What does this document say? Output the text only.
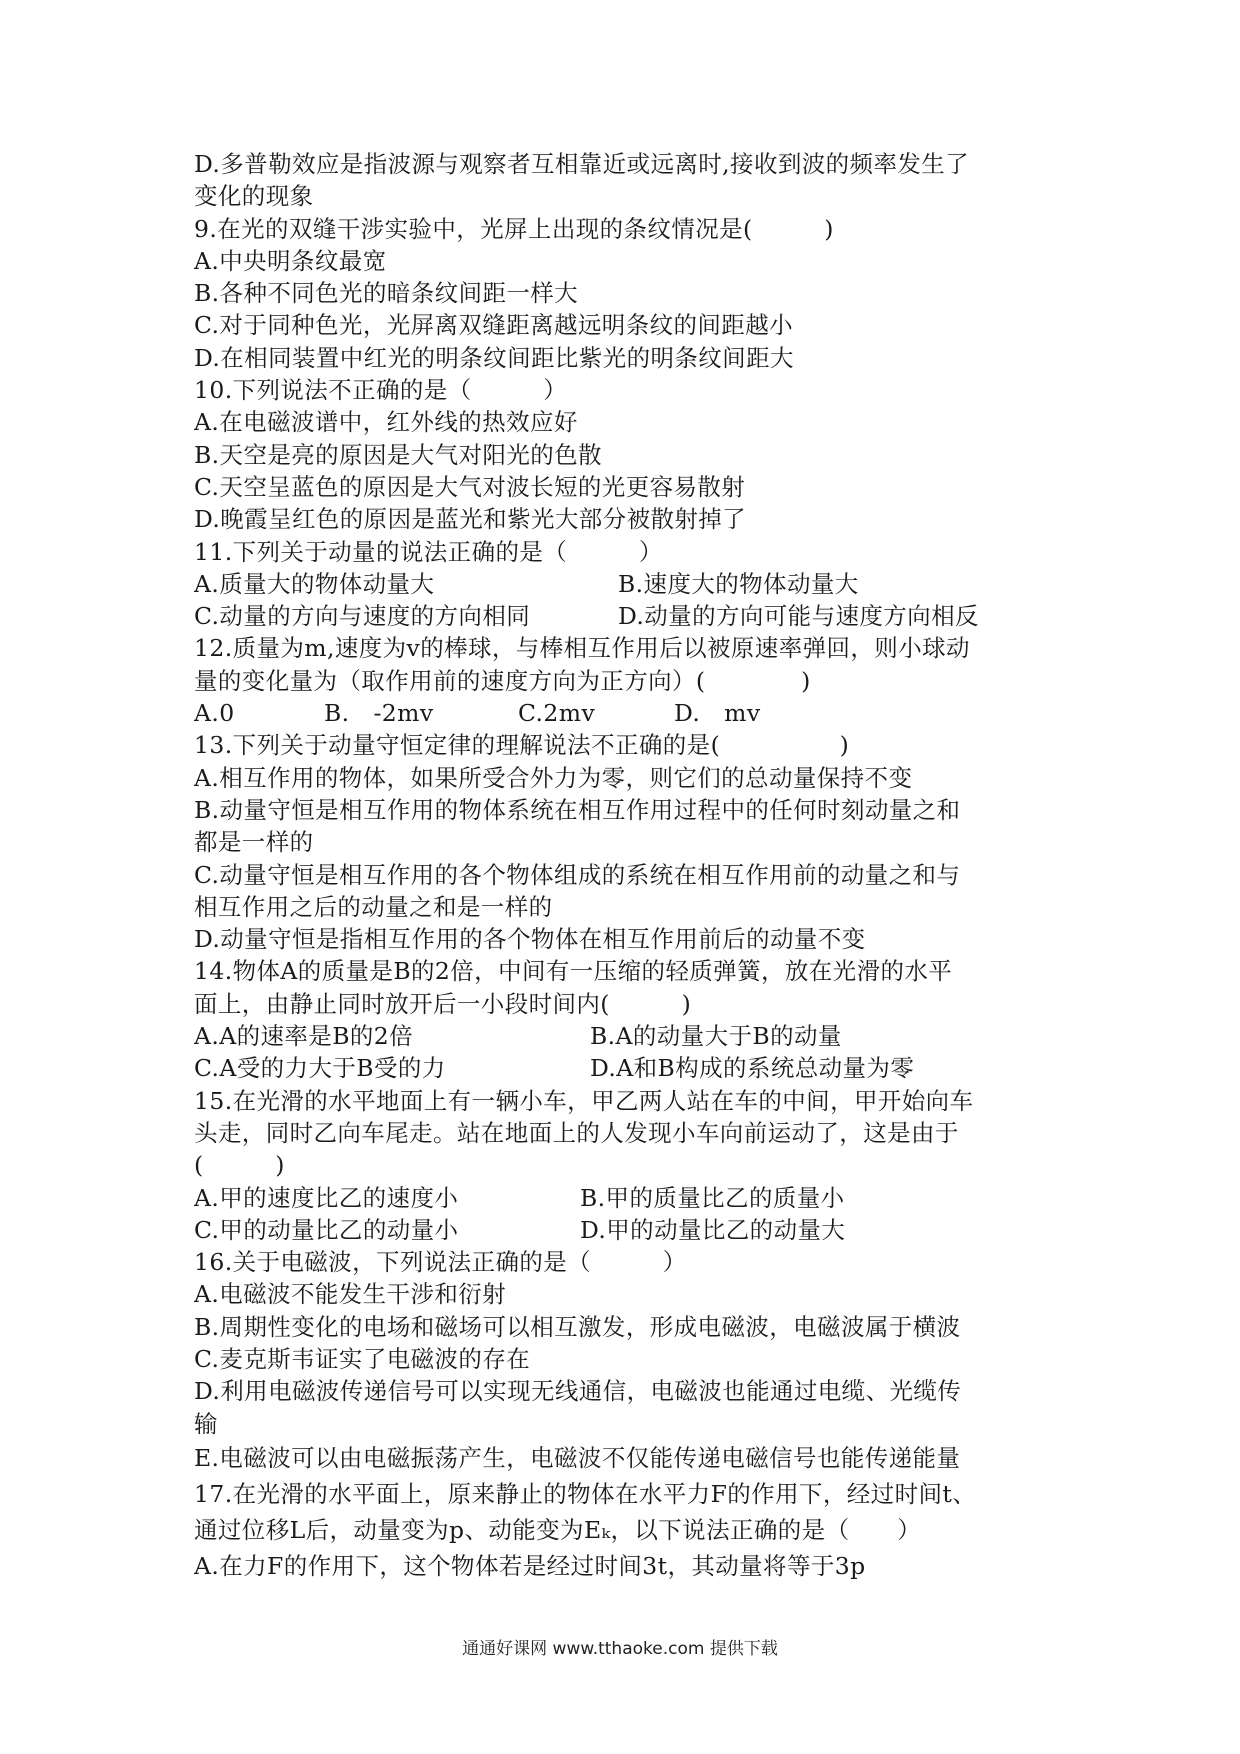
D.多普勒效应是指波源与观察者互相靠近或远离时,接收到波的频率发生了
变化的现象
9.在光的双缝干涉实验中，光屏上出现的条纹情况是(　　　)
A.中央明条纹最宽
B.各种不同色光的暗条纹间距一样大
C.对于同种色光，光屏离双缝距离越远明条纹的间距越小
D.在相同装置中红光的明条纹间距比紫光的明条纹间距大
10.下列说法不正确的是（　　　）
A.在电磁波谱中，红外线的热效应好
B.天空是亮的原因是大气对阳光的色散
C.天空呈蓝色的原因是大气对波长短的光更容易散射
D.晚霞呈红色的原因是蓝光和紫光大部分被散射掉了
11.下列关于动量的说法正确的是（　　　）
A.质量大的物体动量大	B.速度大的物体动量大
C.动量的方向与速度的方向相同	D.动量的方向可能与速度方向相反
12.质量为m,速度为v的棒球，与棒相互作用后以被原速率弹回，则小球动
量的变化量为（取作用前的速度方向为正方向）(　　　　)
A.0	B.　-2mv	C.2mv	D.　mv
13.下列关于动量守恒定律的理解说法不正确的是(　　　　　)
A.相互作用的物体，如果所受合外力为零，则它们的总动量保持不变
B.动量守恒是相互作用的物体系统在相互作用过程中的任何时刻动量之和
都是一样的
C.动量守恒是相互作用的各个物体组成的系统在相互作用前的动量之和与
相互作用之后的动量之和是一样的
D.动量守恒是指相互作用的各个物体在相互作用前后的动量不变
14.物体A的质量是B的2倍，中间有一压缩的轻质弹簧，放在光滑的水平
面上，由静止同时放开后一小段时间内(　　　)
A.A的速率是B的2倍	B.A的动量大于B的动量
C.A受的力大于B受的力	D.A和B构成的系统总动量为零
15.在光滑的水平地面上有一辆小车，甲乙两人站在车的中间，甲开始向车
头走，同时乙向车尾走。站在地面上的人发现小车向前运动了，这是由于
(　　　)
A.甲的速度比乙的速度小	B.甲的质量比乙的质量小
C.甲的动量比乙的动量小	D.甲的动量比乙的动量大
16.关于电磁波，下列说法正确的是（　　　）
A.电磁波不能发生干涉和衍射
B.周期性变化的电场和磁场可以相互激发，形成电磁波，电磁波属于横波
C.麦克斯韦证实了电磁波的存在
D.利用电磁波传递信号可以实现无线通信，电磁波也能通过电缆、光缆传
输
E.电磁波可以由电磁振荡产生，电磁波不仅能传递电磁信号也能传递能量
17.在光滑的水平面上，原来静止的物体在水平力F的作用下，经过时间t、
通过位移L后，动量变为p、动能变为Eₖ，以下说法正确的是（　　）
A.在力F的作用下，这个物体若是经过时间3t，其动量将等于3p
通通好课网 www.tthaoke.com 提供下载
